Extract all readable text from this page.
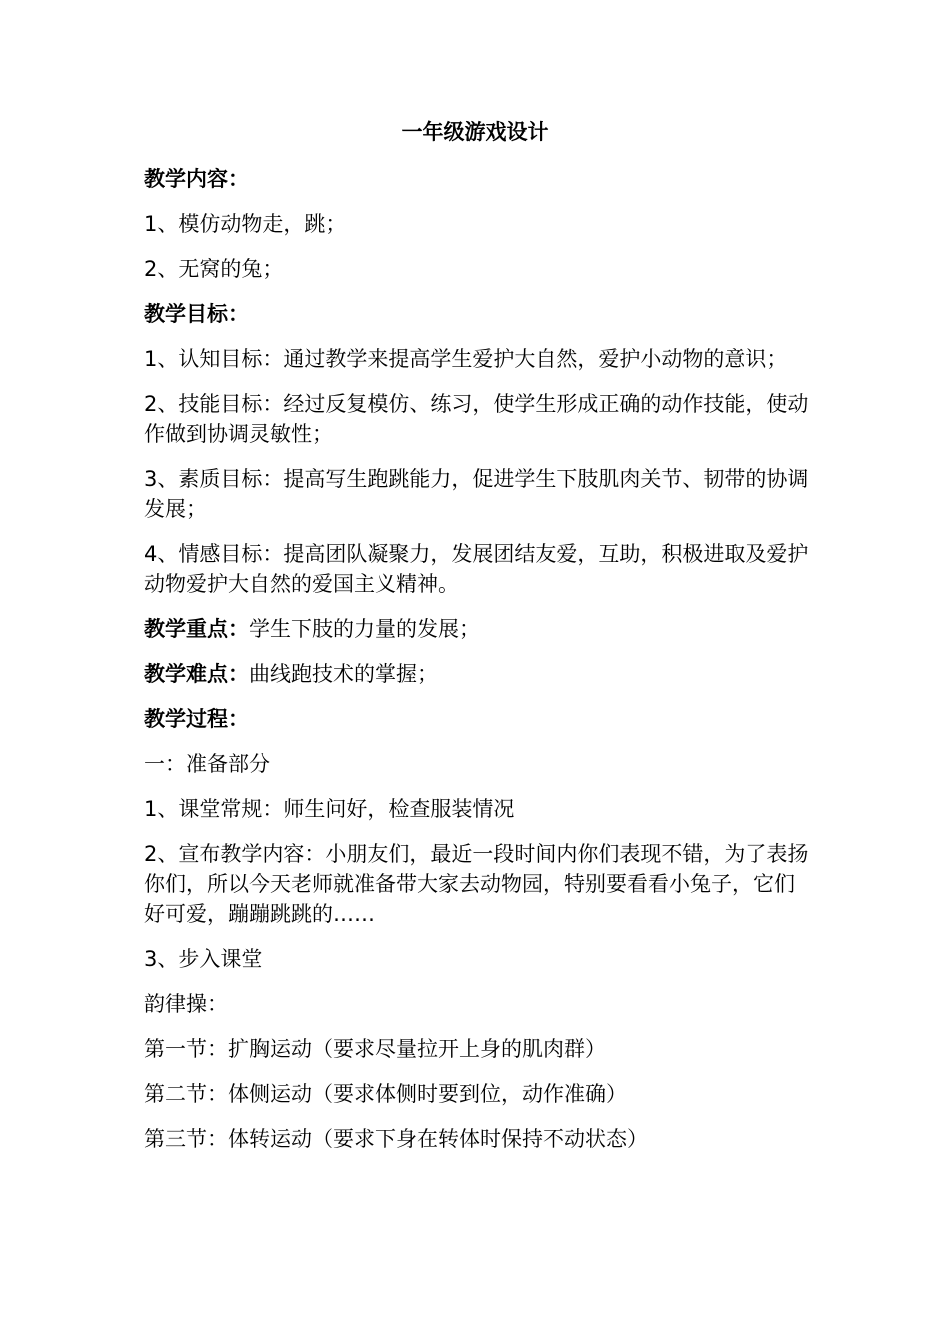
一年级游戏设计
教学内容：
1、模仿动物走，跳；
2、无窝的兔；
教学目标：
1、认知目标：通过教学来提高学生爱护大自然，爱护小动物的意识；
2、技能目标：经过反复模仿、练习，使学生形成正确的动作技能，使动作做到协调灵敏性；
3、素质目标：提高写生跑跳能力，促进学生下肢肌肉关节、韧带的协调发展；
4、情感目标：提高团队凝聚力，发展团结友爱，互助，积极进取及爱护动物爱护大自然的爱国主义精神。
教学重点：学生下肢的力量的发展；
教学难点：曲线跑技术的掌握；
教学过程：
一：准备部分
1、课堂常规：师生问好，检查服装情况
2、宣布教学内容：小朋友们，最近一段时间内你们表现不错，为了表扬你们，所以今天老师就准备带大家去动物园，特别要看看小兔子，它们好可爱，蹦蹦跳跳的……
3、步入课堂
韵律操：
第一节：扩胸运动（要求尽量拉开上身的肌肉群）
第二节：体侧运动（要求体侧时要到位，动作准确）
第三节：体转运动（要求下身在转体时保持不动状态）
